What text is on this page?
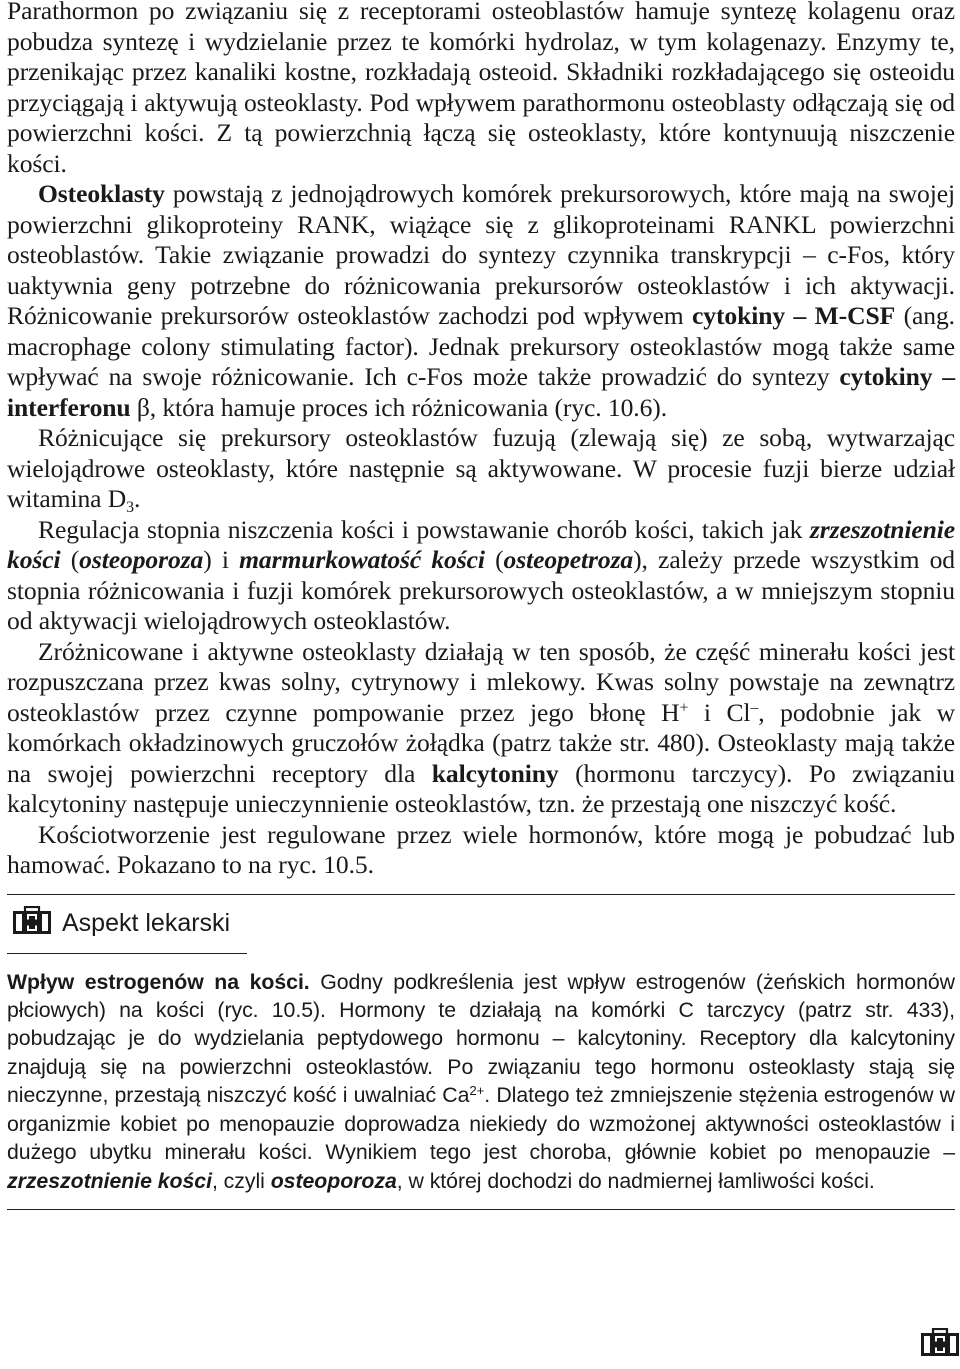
Parathormon po związaniu się z receptorami osteoblastów hamuje syntezę kolagenu oraz pobudza syntezę i wydzielanie przez te komórki hydrolaz, w tym kolagenazy. Enzymy te, przenikając przez kanaliki kostne, rozkładają osteoid. Składniki rozkładającego się osteoidu przyciągają i aktywują osteoklasty. Pod wpływem parathormonu osteoblasty odłączają się od powierzchni kości. Z tą powierzchnią łączą się osteoklasty, które kontynuują niszczenie kości.

Osteoklasty powstają z jednojądrowych komórek prekursorowych, które mają na swojej powierzchni glikoproteiny RANK, wiążące się z glikoproteinami RANKL powierzchni osteoblastów. Takie związanie prowadzi do syntezy czynnika transkrypcji – c-Fos, który uaktywnia geny potrzebne do różnicowania prekursorów osteoklastów i ich aktywacji. Różnicowanie prekursorów osteoklastów zachodzi pod wpływem cytokiny – M-CSF (ang. macrophage colony stimulating factor). Jednak prekursory osteoklastów mogą także same wpływać na swoje różnicowanie. Ich c-Fos może także prowadzić do syntezy cytokiny – interferonu β, która hamuje proces ich różnicowania (ryc. 10.6).

Różnicujące się prekursory osteoklastów fuzują (zlewają się) ze sobą, wytwarzając wielojądrowe osteoklasty, które następnie są aktywowane. W procesie fuzji bierze udział witamina $D_3$.

Regulacja stopnia niszczenia kości i powstawanie chorób kości, takich jak zrzeszotnienie kości (osteoporoza) i marmurkowatość kości (osteopetroza), zależy przede wszystkim od stopnia różnicowania i fuzji komórek prekursorowych osteoklastów, a w mniejszym stopniu od aktywacji wielojądrowych osteoklastów.

Zróżnicowane i aktywne osteoklasty działają w ten sposób, że część minerału kości jest rozpuszczana przez kwas solny, cytrynowy i mlekowy. Kwas solny powstaje na zewnątrz osteoklastów przez czynne pompowanie przez jego błonę H+ i Cl–, podobnie jak w komórkach okładzinowych gruczołów żołądka (patrz także str. 480). Osteoklasty mają także na swojej powierzchni receptory dla kalcytoniny (hormonu tarczycy). Po związaniu kalcytoniny następuje unieczynnienie osteoklastów, tzn. że przestają one niszczyć kość.

Kościotworzenie jest regulowane przez wiele hormonów, które mogą je pobudzać lub hamować. Pokazano to na ryc. 10.5.

Aspekt lekarski

Wpływ estrogenów na kości. Godny podkreślenia jest wpływ estrogenów (żeńskich hormonów płciowych) na kości (ryc. 10.5). Hormony te działają na komórki C tarczycy (patrz str. 433), pobudzając je do wydzielania peptydowego hormonu – kalcytoniny. Receptory dla kalcytoniny znajdują się na powierzchni osteoklastów. Po związaniu tego hormonu osteoklasty stają się nieczynne, przestają niszczyć kość i uwalniać $Ca^{2+}$. Dlatego też zmniejszenie stężenia estrogenów w organizmie kobiet po menopauzie doprowadza niekiedy do wzmożonej aktywności osteoklastów i dużego ubytku minerału kości. Wynikiem tego jest choroba, głównie kobiet po menopauzie – zrzeszotnienie kości, czyli osteoporoza, w której dochodzi do nadmiernej łamliwości kości.
